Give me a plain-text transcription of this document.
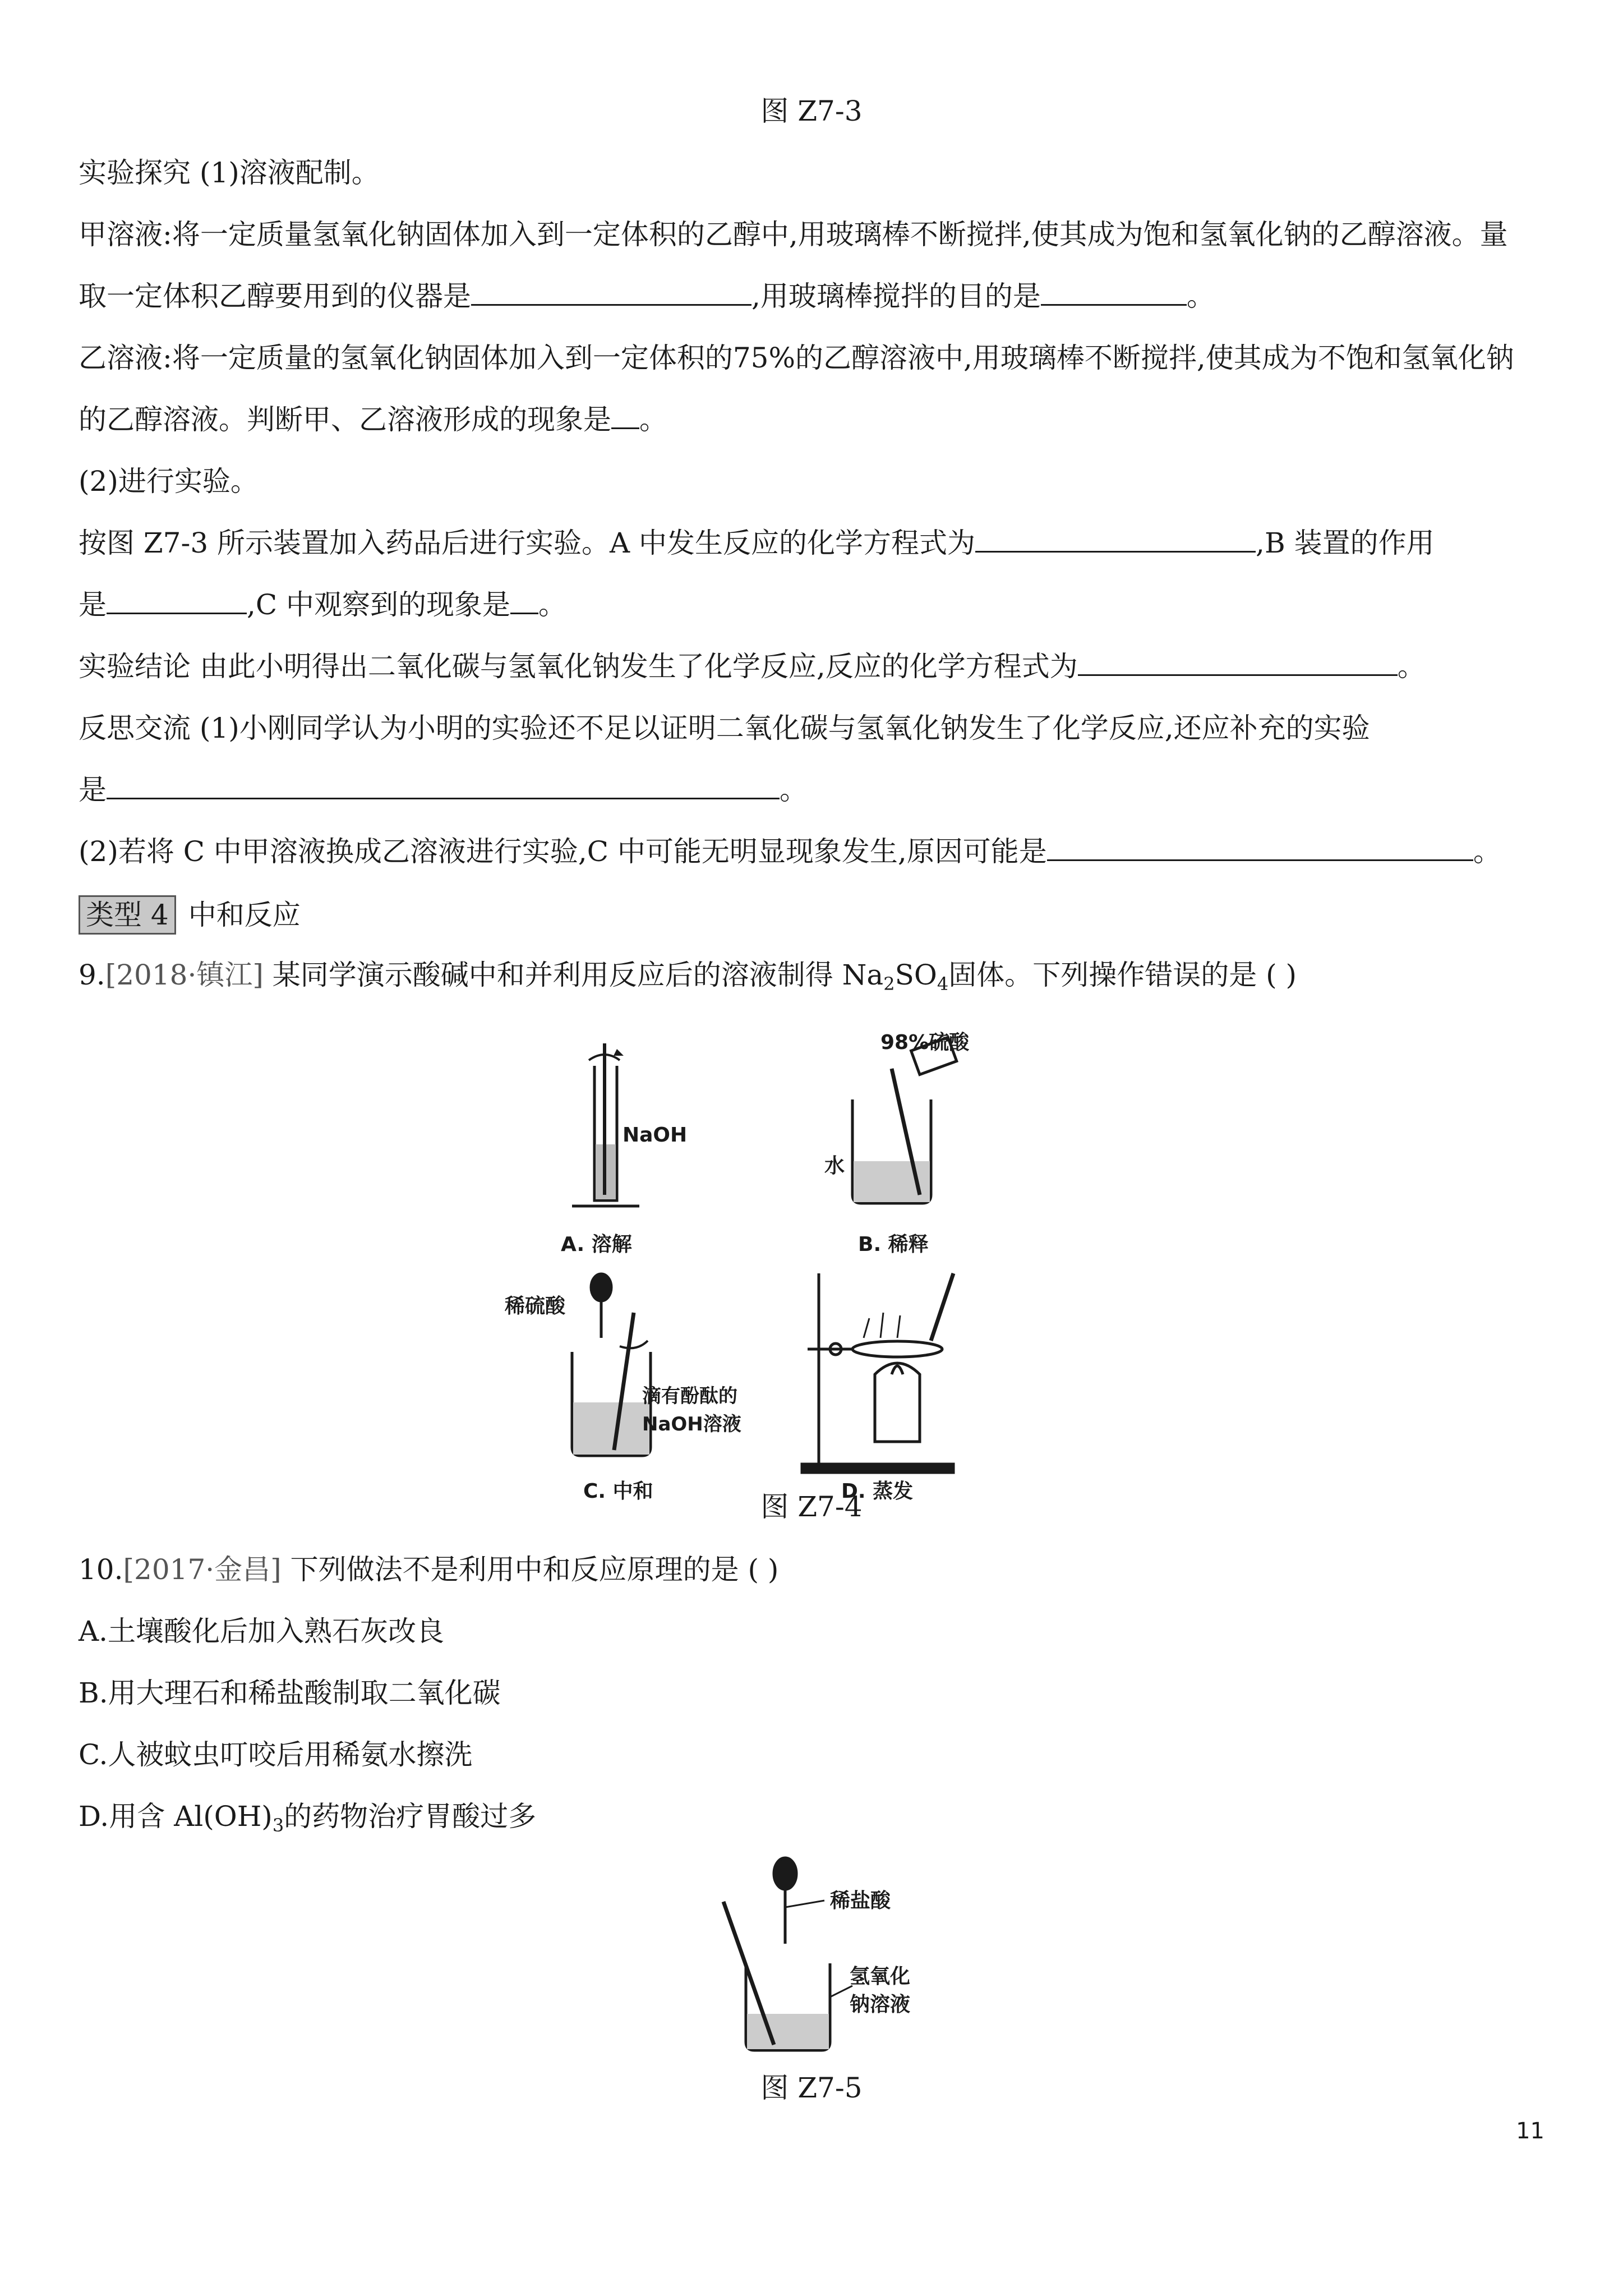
图 Z7-3
实验探究 (1)溶液配制。
甲溶液:将一定质量氢氧化钠固体加入到一定体积的乙醇中,用玻璃棒不断搅拌,使其成为饱和氢氧化钠的乙醇溶液。量
取一定体积乙醇要用到的仪器是	,用玻璃棒搅拌的目的是	。
乙溶液:将一定质量的氢氧化钠固体加入到一定体积的75%的乙醇溶液中,用玻璃棒不断搅拌,使其成为不饱和氢氧化钠
的乙醇溶液。判断甲、乙溶液形成的现象是 。
(2)进行实验。
按图 Z7-3 所示装置加入药品后进行实验。A 中发生反应的化学方程式为	,B 装置的作用
是	,C 中观察到的现象是 。
实验结论 由此小明得出二氧化碳与氢氧化钠发生了化学反应,反应的化学方程式为	。
反思交流 (1)小刚同学认为小明的实验还不足以证明二氧化碳与氢氧化钠发生了化学反应,还应补充的实验
是	。
(2)若将 C 中甲溶液换成乙溶液进行实验,C 中可能无明显现象发生,原因可能是	。
类型 4 中和反应
9.[2018·镇江] 某同学演示酸碱中和并利用反应后的溶液制得 $Na_2SO_4$固体。下列操作错误的是 ( )
NaOH
A. 溶解
98%硫酸
水
B. 稀释
稀硫酸
滴有酚酞的
NaOH溶液
C. 中和	D. 蒸发
图 Z7-4
10.[2017·金昌] 下列做法不是利用中和反应原理的是 ( )
A.土壤酸化后加入熟石灰改良
B.用大理石和稀盐酸制取二氧化碳
C.人被蚊虫叮咬后用稀氨水擦洗
D.用含 $Al(OH)_3$的药物治疗胃酸过多
稀盐酸
氢氧化
钠溶液
图 Z7-5
11
